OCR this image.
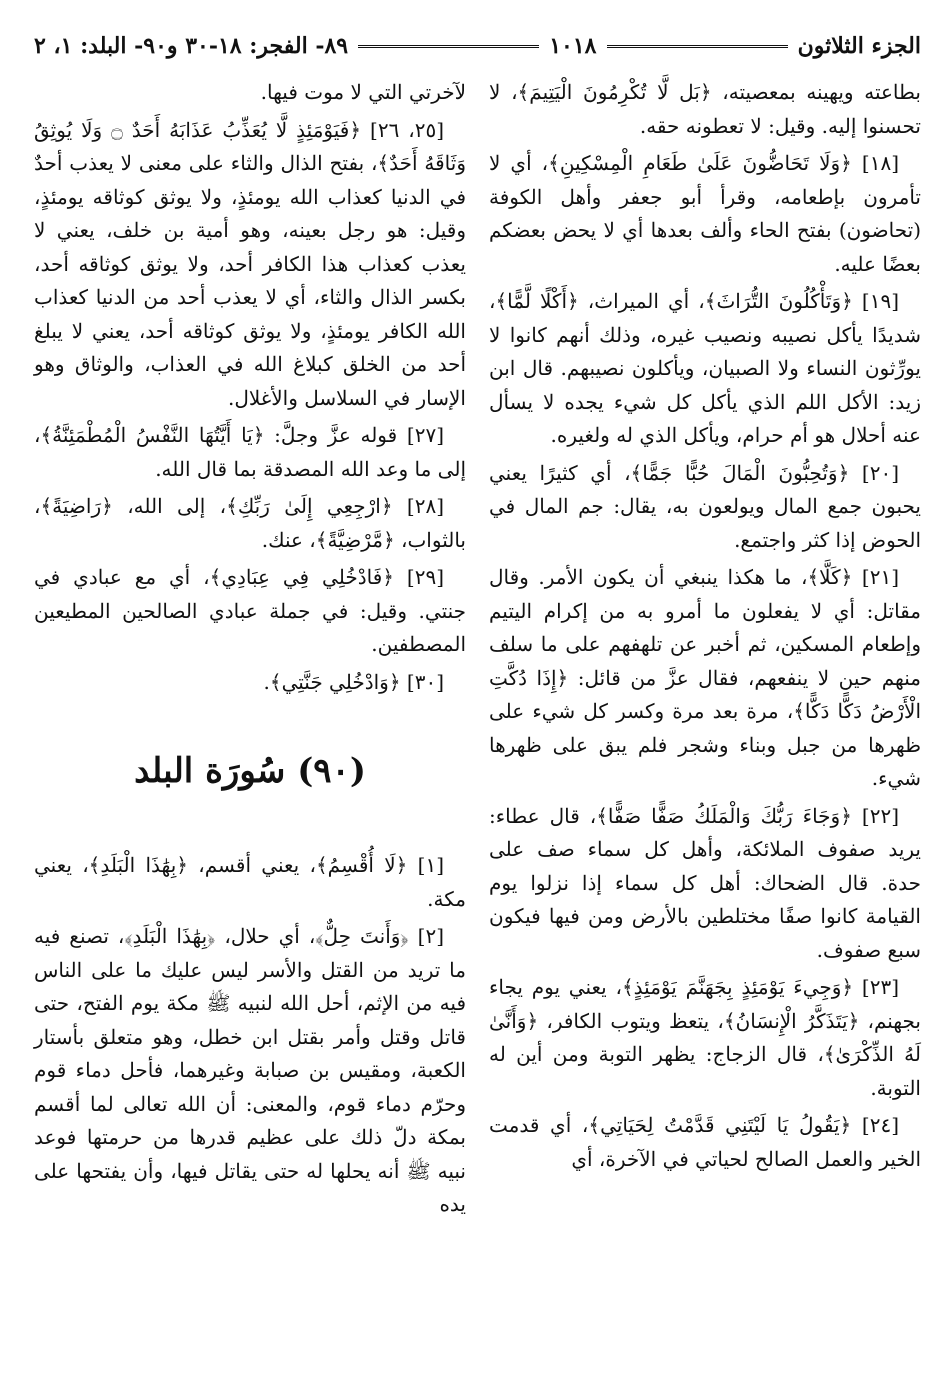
الجزء الثلاثون
١٠١٨
٨٩- الفجر: ١٨-٣٠ و٩٠- البلد: ١، ٢

بطاعته ويهينه بمعصيته، ﴿بَل لَّا تُكْرِمُونَ الْيَتِيمَ﴾، لا تحسنوا إليه. وقيل: لا تعطونه حقه.

[١٨] ﴿وَلَا تَحَاضُّونَ عَلَىٰ طَعَامِ الْمِسْكِينِ﴾، أي لا تأمرون بإطعامه، وقرأ أبو جعفر وأهل الكوفة (تحاضون) بفتح الحاء وألف بعدها أي لا يحض بعضكم بعضًا عليه.

[١٩] ﴿وَتَأْكُلُونَ التُّرَاثَ﴾، أي الميراث، ﴿أَكْلًا لَّمًّا﴾، شديدًا يأكل نصيبه ونصيب غيره، وذلك أنهم كانوا لا يورِّثون النساء ولا الصبيان، ويأكلون نصيبهم. قال ابن زيد: الأكل اللم الذي يأكل كل شيء يجده لا يسأل عنه أحلال هو أم حرام، ويأكل الذي له ولغيره.

[٢٠] ﴿وَتُحِبُّونَ الْمَالَ حُبًّا جَمًّا﴾، أي كثيرًا يعني يحبون جمع المال ويولعون به، يقال: جم المال في الحوض إذا كثر واجتمع.

[٢١] ﴿كَلَّا﴾، ما هكذا ينبغي أن يكون الأمر. وقال مقاتل: أي لا يفعلون ما أمرو به من إكرام اليتيم وإطعام المسكين، ثم أخبر عن تلهفهم على ما سلف منهم حين لا ينفعهم، فقال عزَّ من قائل: ﴿إِذَا دُكَّتِ الْأَرْضُ دَكًّا دَكًّا﴾، مرة بعد مرة وكسر كل شيء على ظهرها من جبل وبناء وشجر فلم يبق على ظهرها شيء.

[٢٢] ﴿وَجَاءَ رَبُّكَ وَالْمَلَكُ صَفًّا صَفًّا﴾، قال عطاء: يريد صفوف الملائكة، وأهل كل سماء صف على حدة. قال الضحاك: أهل كل سماء إذا نزلوا يوم القيامة كانوا صفًا مختلطين بالأرض ومن فيها فيكون سبع صفوف.

[٢٣] ﴿وَجِيءَ يَوْمَئِذٍ بِجَهَنَّمَ يَوْمَئِذٍ﴾، يعني يوم يجاء بجهنم، ﴿يَتَذَكَّرُ الْإِنسَانُ﴾، يتعظ ويتوب الكافر، ﴿وَأَنَّىٰ لَهُ الذِّكْرَىٰ﴾، قال الزجاج: يظهر التوبة ومن أين له التوبة.

[٢٤] ﴿يَقُولُ يَا لَيْتَنِي قَدَّمْتُ لِحَيَاتِي﴾، أي قدمت الخير والعمل الصالح لحياتي في الآخرة، أي

لآخرتي التي لا موت فيها.

[٢٥، ٢٦] ﴿فَيَوْمَئِذٍ لَّا يُعَذِّبُ عَذَابَهُ أَحَدٌ ۝ وَلَا يُوثِقُ وَثَاقَهُ أَحَدٌ﴾، بفتح الذال والثاء على معنى لا يعذب أحدٌ في الدنيا كعذاب الله يومئذٍ، ولا يوثق كوثاقه يومئذٍ، وقيل: هو رجل بعينه، وهو أمية بن خلف، يعني لا يعذب كعذاب هذا الكافر أحد، ولا يوثق كوثاقه أحد، بكسر الذال والثاء، أي لا يعذب أحد من الدنيا كعذاب الله الكافر يومئذٍ، ولا يوثق كوثاقه أحد، يعني لا يبلغ أحد من الخلق كبلاغ الله في العذاب، والوثاق وهو الإسار في السلاسل والأغلال.

[٢٧] قوله عزَّ وجلَّ: ﴿يَا أَيَّتُهَا النَّفْسُ الْمُطْمَئِنَّةُ﴾، إلى ما وعد الله المصدقة بما قال الله.

[٢٨] ﴿ارْجِعِي إِلَىٰ رَبِّكِ﴾، إلى الله، ﴿رَاضِيَةً﴾، بالثواب، ﴿مَّرْضِيَّةً﴾، عنك.

[٢٩] ﴿فَادْخُلِي فِي عِبَادِي﴾، أي مع عبادي في جنتي. وقيل: في جملة عبادي الصالحين المطيعين المصطفين.

[٣٠] ﴿وَادْخُلِي جَنَّتِي﴾.

(٩٠) سُورَة البلد

[١] ﴿لَا أُقْسِمُ﴾، يعني أقسم، ﴿بِهَٰذَا الْبَلَدِ﴾، يعني مكة.

[٢] ﴿وَأَنتَ حِلٌّ﴾، أي حلال، ﴿بِهَٰذَا الْبَلَدِ﴾، تصنع فيه ما تريد من القتل والأسر ليس عليك ما على الناس فيه من الإثم، أحل الله لنبيه ﷺ مكة يوم الفتح، حتى قاتل وقتل وأمر بقتل ابن خطل، وهو متعلق بأستار الكعبة، ومقيس بن صبابة وغيرهما، فأحل دماء قوم وحرّم دماء قوم، والمعنى: أن الله تعالى لما أقسم بمكة دلّ ذلك على عظيم قدرها من حرمتها فوعد نبيه ﷺ أنه يحلها له حتى يقاتل فيها، وأن يفتحها على يده
